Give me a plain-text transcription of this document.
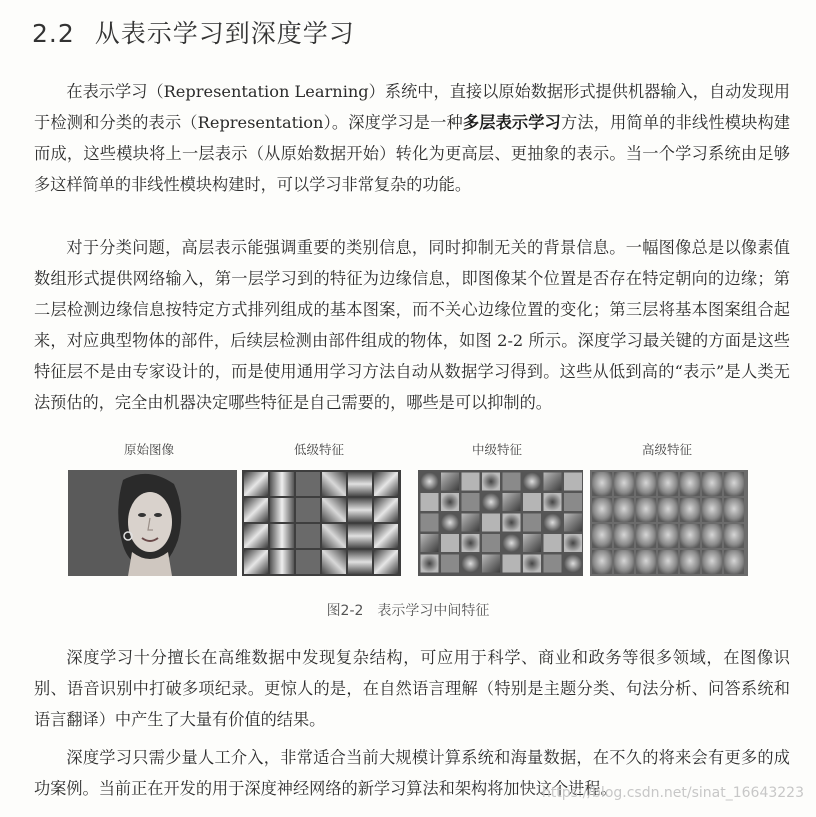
2.2 从表示学习到深度学习

在表示学习（Representation Learning）系统中，直接以原始数据形式提供机器输入，自动发现用于检测和分类的表示（Representation）。深度学习是一种多层表示学习方法，用简单的非线性模块构建而成，这些模块将上一层表示（从原始数据开始）转化为更高层、更抽象的表示。当一个学习系统由足够多这样简单的非线性模块构建时，可以学习非常复杂的功能。

对于分类问题，高层表示能强调重要的类别信息，同时抑制无关的背景信息。一幅图像总是以像素值数组形式提供网络输入，第一层学习到的特征为边缘信息，即图像某个位置是否存在特定朝向的边缘；第二层检测边缘信息按特定方式排列组成的基本图案，而不关心边缘位置的变化；第三层将基本图案组合起来，对应典型物体的部件，后续层检测由部件组成的物体，如图 2-2 所示。深度学习最关键的方面是这些特征层不是由专家设计的，而是使用通用学习方法自动从数据学习得到。这些从低到高的“表示”是人类无法预估的，完全由机器决定哪些特征是自己需要的，哪些是可以抑制的。

原始图像	低级特征	中级特征	高级特征
图2-2　表示学习中间特征

深度学习十分擅长在高维数据中发现复杂结构，可应用于科学、商业和政务等很多领域，在图像识别、语音识别中打破多项纪录。更惊人的是，在自然语言理解（特别是主题分类、句法分析、问答系统和语言翻译）中产生了大量有价值的结果。

深度学习只需少量人工介入，非常适合当前大规模计算系统和海量数据，在不久的将来会有更多的成功案例。当前正在开发的用于深度神经网络的新学习算法和架构将加快这个进程。

https://blog.csdn.net/sinat_16643223
